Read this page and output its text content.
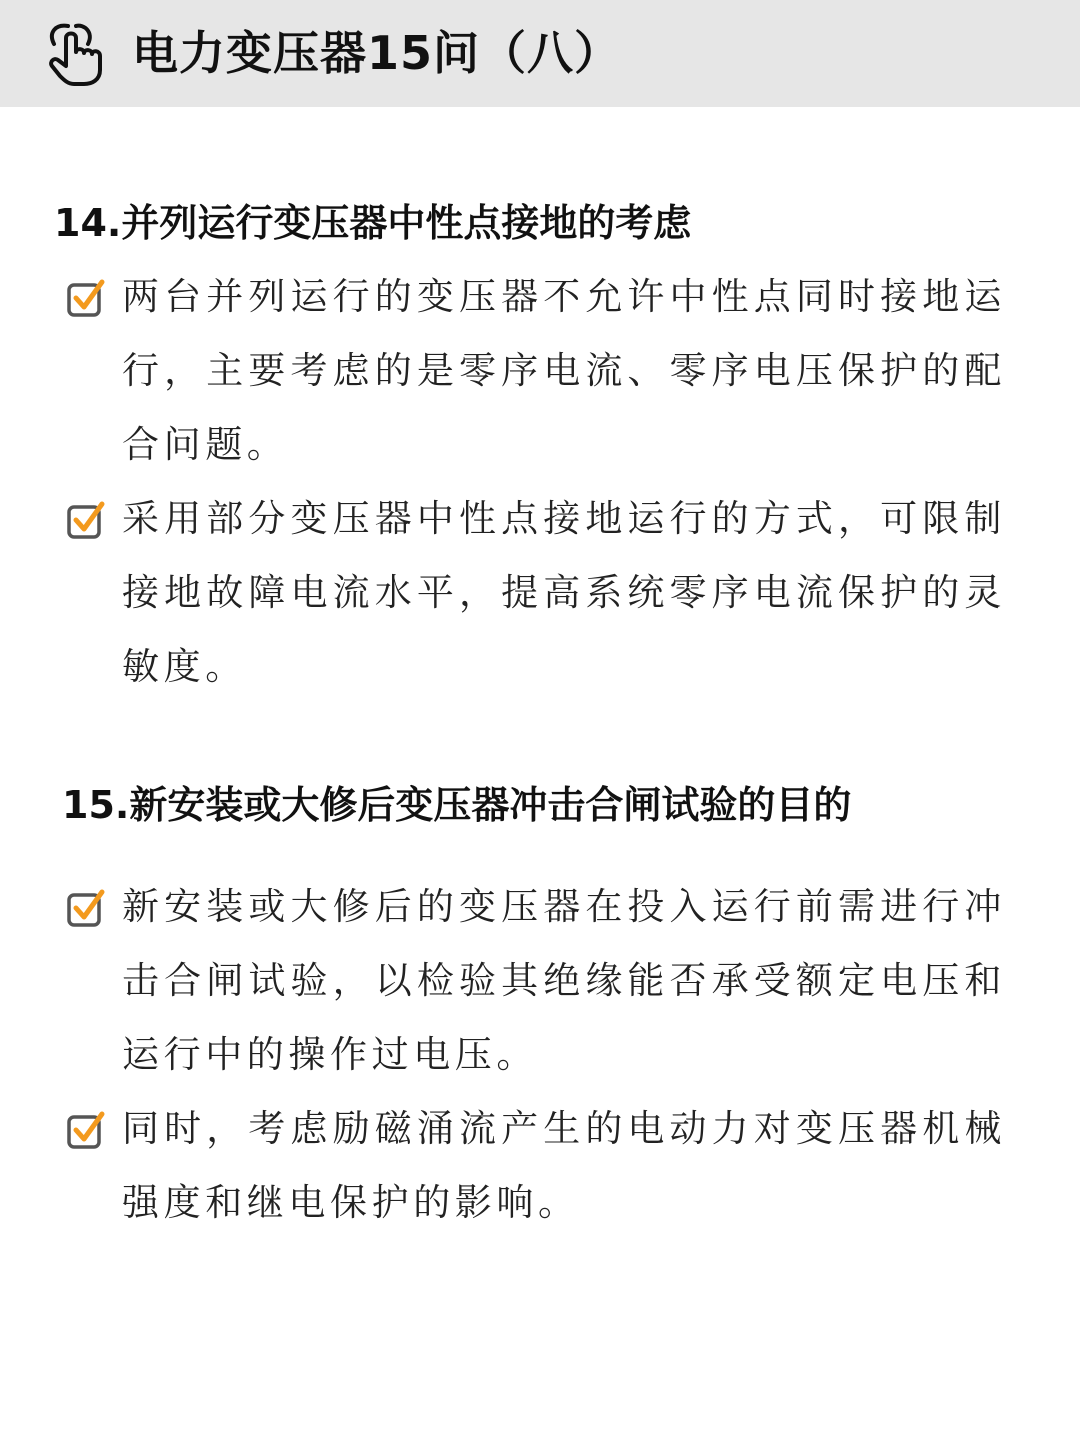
电力变压器15问（八）
14.并列运行变压器中性点接地的考虑
两台并列运行的变压器不允许中性点同时接地运行，主要考虑的是零序电流、零序电压保护的配合问题。
采用部分变压器中性点接地运行的方式，可限制接地故障电流水平，提高系统零序电流保护的灵敏度。
15.新安装或大修后变压器冲击合闸试验的目的
新安装或大修后的变压器在投入运行前需进行冲击合闸试验，以检验其绝缘能否承受额定电压和运行中的操作过电压。
同时，考虑励磁涌流产生的电动力对变压器机械强度和继电保护的影响。
